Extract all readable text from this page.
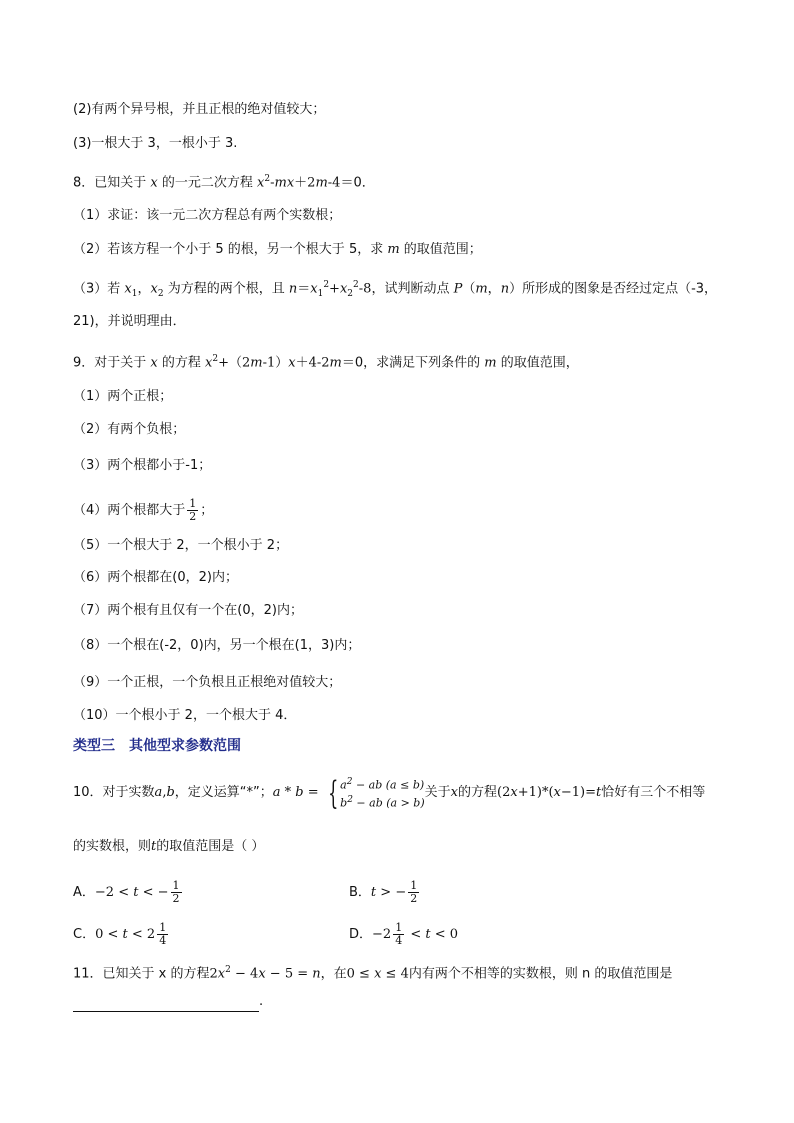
(2)有两个异号根，并且正根的绝对值较大；
(3)一根大于 3，一根小于 3.
8．已知关于 x 的一元二次方程 $x^2-mx+2m-4=0$．
（1）求证：该一元二次方程总有两个实数根；
（2）若该方程一个小于 5 的根，另一个根大于 5，求 m 的取值范围；
（3）若 $x_1$，$x_2$ 为方程的两个根，且 $n=x_1^2+x_2^2-8$，试判断动点 P（m，n）所形成的图象是否经过定点（-3，
21)，并说明理由．
9．对于关于 x 的方程 $x^2+(2m-1)x+4-2m=0$，求满足下列条件的 m 的取值范围，
（1）两个正根；
（2）有两个负根；
（3）两个根都小于-1；
（4）两个根都大于 $\frac{1}{2}$ ；
（5）一个根大于 2，一个根小于 2；
（6）两个根都在(0，2)内；
（7）两个根有且仅有一个在(0，2)内；
（8）一个根在(-2，0)内，另一个根在(1，3)内；
（9）一个正根，一个负根且正根绝对值较大；
（10）一个根小于 2，一个根大于 4．
类型三 其他型求参数范围
10．对于实数a,b，定义运算“*”；a * b = { $a^2$ − ab (a ≤ b)
$b^2$ − ab (a > b)
关于x的方程(2x+1)*(x−1)=t恰好有三个不相等
的实数根，则t的取值范围是（ ）
A．−2 < t < − $\frac{1}{2}$	B．t > − $\frac{1}{2}$
C．$0 < t < 2 \frac{1}{4}$	D．$-2 \frac{1}{4} < t < 0$
11．已知关于 x 的方程$2x^2 - 4x - 5 = n$，在0 ≤ x ≤ 4内有两个不相等的实数根，则 n 的取值范围是
.
